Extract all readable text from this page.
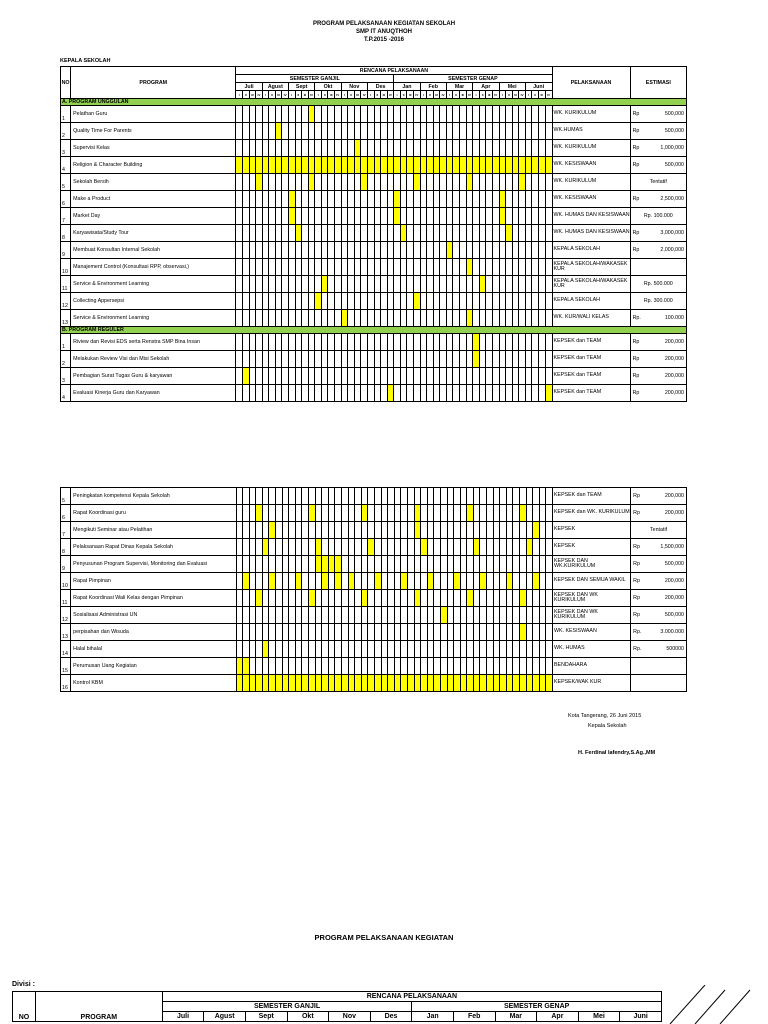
PROGRAM PELAKSANAAN KEGIATAN SEKOLAH
SMP IT ANUQTHOH
T.P.2015 -2016
KEPALA SEKOLAH
NO	PROGRAM	RENCANA PELAKSANAAN																																																PELAKSANAAN	ESTIMASI
		SEMESTER GANJIL																								SEMESTER GENAP																									
		Juli				Agust				Sept				Okt				Nov				Des				Jan				Feb				Mar				Apr				Mei				Juni					
		I	II	III	IV	I	II	III	IV	I	II	III	IV	I	II	III	IV	I	II	III	IV	I	II	III	IV	I	II	III	IV	I	II	III	IV	I	II	III	IV	I	II	III	IV	I	II	III	IV	I	II	III	IV		
A. PROGRAM UNGGULAN																																																			
1	Pelathan Guru																																																	WK. KURIKULUM	Rp 500,000

2	Quality Time For Parents																																																	WK.HUMAS	Rp 500,000

3	Supervisi Kelas																																																	WK. KURIKULUM	Rp 1,000,000

4	Religion & Character Building																																																	WK. KESISWAAN	Rp 500,000

5	Sekolah Bersih																																																	WK. KURIKULUM	Tentatif
6	Make a Product																																																	WK. KESISWAAN	Rp 2,500,000

7	Market Day																																																	WK. HUMAS DAN KESISWAAN	Rp. 100.000
8	Karyawisata/Study Tour																																																	WK. HUMAS DAN KESISWAAN	Rp 3,000,000

9	Membuat Konsultan Internal Sekolah																																																	KEPALA SEKOLAH	Rp 2,000,000

10	Manajement Control (Konsultasi RPP, observasi,)																																																	KEPALA SEKOLAH/WAKASEK KUR	
11	Service & Environment Learning																																																	KEPALA SEKOLAH/WAKASEK KUR	Rp. 500.000
12	Collecting Appersepsi																																																	KEPALA SEKOLAH	Rp. 300.000
13	Service & Environment Learning																																																	WK. KUR/WALI KELAS	Rp. 100.000

B. PROGRAM REGULER																																																			
1	Riview dan Revisi EDS serta Renstra SMP Bina Insan																																																	KEPSEK dan TEAM	Rp 200,000

2	Melakukan Review Visi dan Misi Sekolah																																																	KEPSEK dan TEAM	Rp 200,000

3	Pembagian Surat Tugas Guru & karyawan																																																	KEPSEK dan TEAM	Rp 200,000

4	Evaluasi Kinerja Guru dan Karyawan																																																	KEPSEK dan TEAM	Rp 200,000
5	Peningkatan kompetensi Kepala Sekolah																																																	KEPSEK dan TEAM	Rp 200,000

6	Rapat Koordinasi guru																																																	KEPSEK dan WK. KURIKULUM	Rp 200,000

7	Mengikuti Seminar atau Pelatihan																																																	KEPSEK	Tentatif
8	Pelaksanaan Rapat Dinas Kepala Sekolah																																																	KEPSEK	Rp 1,500,000

9	Penyusunan Program Supervisi, Monitoring dan Evaluasi																																																	KEPSEK DAN WK.KURIKULUM	Rp 500,000

10	Rapat Pimpinan																																																	KEPSEK DAN SEMUA WAKIL	Rp 200,000

11	Rapat Koordinasi Wali Kelas dengan Pimpinan																																																	KEPSEK DAN WK KURIKULUM	Rp 200,000

12	Sosialisasi Administrasi UN																																																	KEPSEK DAN WK KURIKULUM	Rp 500,000

13	perpisahan dan Wisuda																																																	WK. KESISWAAN	Rp. 3.000.000

14	Halal bihalal																																																	WK. HUMAS	Rp. 500000

15	Perumusan Uang Kegiatan																																																	BENDAHARA	
16	Kontrol KBM																																																	KEPSEK/WAK KUR	
Kota Tangerang, 26 Juni 2015
Kepala Sekolah
H. Ferdinal lafendry,S.Ag.,MM
PROGRAM PELAKSANAAN KEGIATAN
Divisi :
NO	PROGRAM	RENCANA PELAKSANAAN											
		SEMESTER GANJIL						SEMESTER GENAP					
		Juli	Agust	Sept	Okt	Nov	Des	Jan	Feb	Mar	Apr	Mei	Juni
